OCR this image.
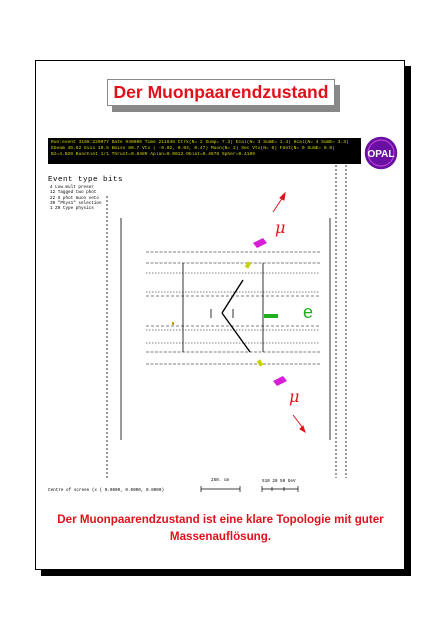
Der Muonpaarendzustand
Run:event 3198:229077 Date 940605 Time 211645 Ctrk(N= 2 Sump= 7.3) Ecal(N= 3 SumE= 1.4) Hcal(N= 4 SumE= 3.3)
Ebeam 45.62 Evis 10.5 Emiss 80.7 Vtx ( -0.02, 0.04, 0.47) Muon(N= 2) Sec Vtx(N= 0) Fdet(N= 0 SumE= 0.0)
Bz=4.029 Bunchlet 1/1 Thrust=0.8489 Aplan=0.0012 Oblat=0.4678 Spher=0.4109	OPAL
Event type bits
4 Low mult preser
12 Tagged two phot
22 S phot muon veto
30 "Phys1" selection
1 Z0 type physics
μ
μ
e
250. cm	510 20 50 GeV
Centre of screen (x ( 0.0000, 0.0000, 0.0000)
Der Muonpaarendzustand ist eine klare Topologie mit guter Massenauflösung.
